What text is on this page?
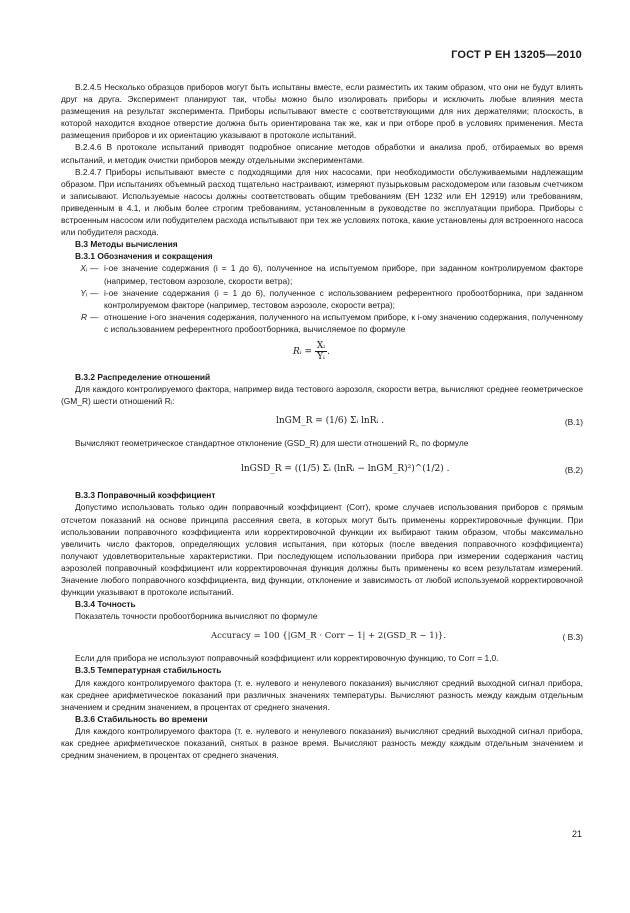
ГОСТ Р ЕН 13205—2010

В.2.4.5 Несколько образцов приборов могут быть испытаны вместе, если разместить их таким образом, что они не будут влиять друг на друга. Эксперимент планируют так, чтобы можно было изолировать приборы и исключить любые влияния места размещения на результат эксперимента. Приборы испытывают вместе с соответствующими для них держателями; плоскость, в которой находится входное отверстие должна быть ориентирована так же, как и при отборе проб в условиях применения. Места размещения приборов и их ориентацию указывают в протоколе испытаний.

В.2.4.6 В протоколе испытаний приводят подробное описание методов обработки и анализа проб, отбираемых во время испытаний, и методик очистки приборов между отдельными экспериментами.

В.2.4.7 Приборы испытывают вместе с подходящими для них насосами, при необходимости обслуживаемыми надлежащим образом. При испытаниях объемный расход тщательно настраивают, измеряют пузырьковым расходомером или газовым счетчиком и записывают. Используемые насосы должны соответствовать общим требованиям (ЕН 1232 или ЕН 12919) или требованиям, приведенным в 4.1, и любым более строгим требованиям, установленным в руководстве по эксплуатации прибора. Приборы с встроенным насосом или побудителем расхода испытывают при тех же условиях потока, какие установлены для встроенного насоса или побудителя расхода.

В.3 Методы вычисления

В.3.1 Обозначения и сокращения

Xᵢ — i-ое значение содержания (i = 1 до 6), полученное на испытуемом приборе, при заданном контролируемом факторе (например, тестовом аэрозоле, скорости ветра);
Yᵢ — i-ое значение содержания (i = 1 до 6), полученное с использованием референтного пробоотборника, при заданном контролируемом факторе (например, тестовом аэрозоле, скорости ветра);
R — отношение i-ого значения содержания, полученного на испытуемом прибор​е, к i-ому значению содержания, полученному с использованием референтного пробоотборника, вычисляемое по формуле
Rᵢ = $\frac{\text{Xᵢ}}{\text{Yᵢ}}$ .

В.3.2 Распределение отношений

Для каждого контролируемого фактора, например вида тестового аэрозоля, скорости ветра, вычисляют среднее геометрическое (GM_R) шести отношений Rᵢ:

lnGM_R = (1/6) Σᵢ lnRᵢ .	(В.1)

Вычисляют геометрическое стандартное отклонение (GSD_R) для шести отношений Rᵢ, по формуле

lnGSD_R = ((1/5) Σᵢ (lnRᵢ − lnGM_R)²)^(1/2) .	(В.2)

В.3.3 Поправочный коэффициент

Допустимо использовать только один поправочный коэффициент (Corr), кроме случаев использования приборов с прямым отсчетом показаний на основе принципа рассеяния света, в которых могут быть применены корректировочные функции. При использовании поправочного коэффициента или корректировочной функции их выбирают таким образом, чтобы максимально увеличить число факторов, определяющих условия испытания, при которых (после введения поправочного коэффициента) получают удовлетворительные характеристики. При последующем использовании прибора при измерении содержания частиц аэрозолей поправочный коэффициент или корректировочная функция должны быть применены ко всем результатам измерений. Значение любого поправочного коэффициента, вид функции, отклонение и зависимость от любой используемой корректировочной функции указывают в протоколе испытаний.

В.3.4 Точность

Показатель точности пробоотборника вычисляют по формуле

Accuracy = 100 {|GM_R · Corr − 1| + 2(GSD_R − 1)}.	( В.3)

Если для прибора не используют поправочный коэффициент или корректировочную функцию, то Corr = 1,0.

В.3.5 Температурная стабильность

Для каждого контролируемого фактора (т. е. нулевого и ненулевого показания) вычисляют средний выходной сигнал прибора, как среднее арифметическое показаний при различных значениях температуры. Вычисляют разность между каждым отдельным значением и средним значением, в процентах от среднего значения.

В.3.6 Стабильность во времени

Для каждого контролируемого фактора (т. е. нулевого и ненулевого показания) вычисляют средний выходной сигнал прибора, как среднее арифметическое показаний, снятых в разное время. Вычисляют разность между каждым отдельным значением и средним значением, в процентах от среднего значения.

21
